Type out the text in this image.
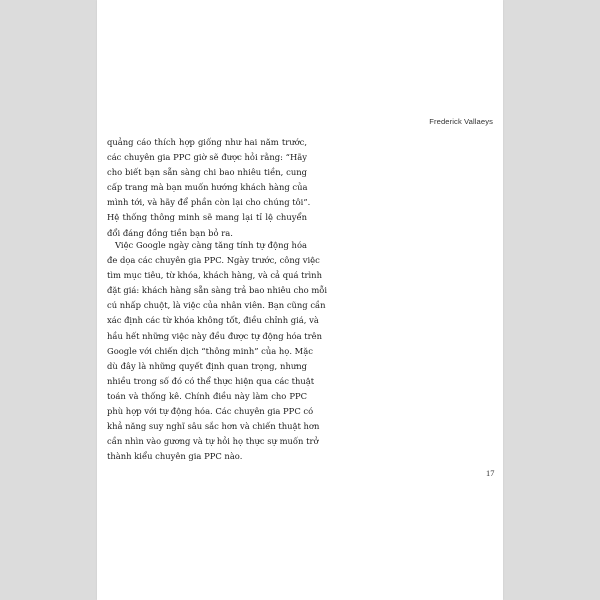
Frederick Vallaeys
17
quảng cáo thích hợp giống như hai năm trước,
các chuyên gia PPC giờ sẽ được hỏi rằng: “Hãy
cho biết bạn sẵn sàng chi bao nhiêu tiền, cung
cấp trang mà bạn muốn hướng khách hàng của
mình tới, và hãy để phần còn lại cho chúng tôi”.
Hệ thống thông minh sẽ mang lại tỉ lệ chuyển
đổi đáng đồng tiền bạn bỏ ra.
Việc Google ngày càng tăng tính tự động hóa
đe dọa các chuyên gia PPC. Ngày trước, công việc
tìm mục tiêu, từ khóa, khách hàng, và cả quá trình
đặt giá: khách hàng sẵn sàng trả bao nhiêu cho mỗi
cú nhấp chuột, là việc của nhân viên. Bạn cũng cần
xác định các từ khóa không tốt, điều chỉnh giá, và
hầu hết những việc này đều được tự động hóa trên
Google với chiến dịch “thông minh” của họ. Mặc
dù đây là những quyết định quan trọng, nhưng
nhiều trong số đó có thể thực hiện qua các thuật
toán và thống kê. Chính điều này làm cho PPC
phù hợp với tự động hóa. Các chuyên gia PPC có
khả năng suy nghĩ sâu sắc hơn và chiến thuật hơn
cần nhìn vào gương và tự hỏi họ thực sự muốn trở
thành kiểu chuyên gia PPC nào.
